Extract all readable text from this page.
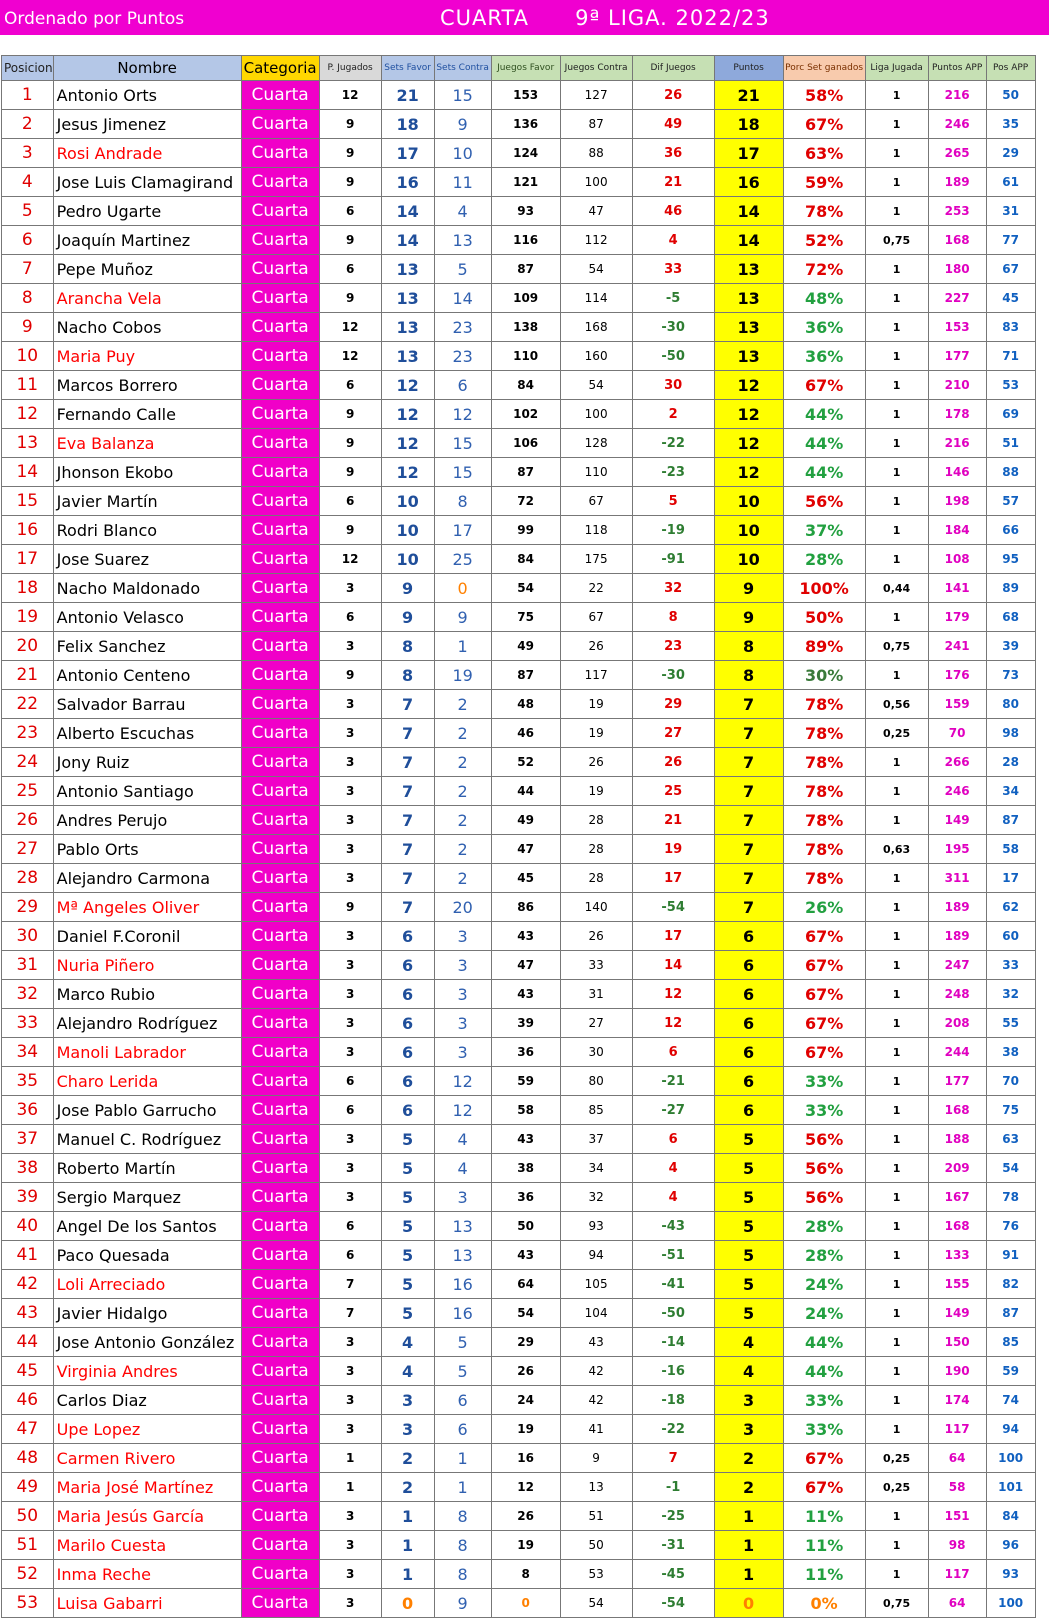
Ordenado por Puntos	CUARTA      9ª LIGA. 2022/23
Posicion	Nombre	Categoria	P. Jugados	Sets Favor	Sets Contra	Juegos Favor	Juegos Contra	Dif Juegos	Puntos	Porc Set ganados	Liga Jugada	Puntos APP	Pos APP
1	Antonio Orts	Cuarta	12	21	15	153	127	26	21	58%	1	216	50
2	Jesus Jimenez	Cuarta	9	18	9	136	87	49	18	67%	1	246	35
3	Rosi Andrade	Cuarta	9	17	10	124	88	36	17	63%	1	265	29
4	Jose Luis Clamagirand	Cuarta	9	16	11	121	100	21	16	59%	1	189	61
5	Pedro Ugarte	Cuarta	6	14	4	93	47	46	14	78%	1	253	31
6	Joaquín Martinez	Cuarta	9	14	13	116	112	4	14	52%	0,75	168	77
7	Pepe Muñoz	Cuarta	6	13	5	87	54	33	13	72%	1	180	67
8	Arancha Vela	Cuarta	9	13	14	109	114	-5	13	48%	1	227	45
9	Nacho Cobos	Cuarta	12	13	23	138	168	-30	13	36%	1	153	83
10	Maria Puy	Cuarta	12	13	23	110	160	-50	13	36%	1	177	71
11	Marcos Borrero	Cuarta	6	12	6	84	54	30	12	67%	1	210	53
12	Fernando Calle	Cuarta	9	12	12	102	100	2	12	44%	1	178	69
13	Eva Balanza	Cuarta	9	12	15	106	128	-22	12	44%	1	216	51
14	Jhonson Ekobo	Cuarta	9	12	15	87	110	-23	12	44%	1	146	88
15	Javier Martín	Cuarta	6	10	8	72	67	5	10	56%	1	198	57
16	Rodri Blanco	Cuarta	9	10	17	99	118	-19	10	37%	1	184	66
17	Jose Suarez	Cuarta	12	10	25	84	175	-91	10	28%	1	108	95
18	Nacho Maldonado	Cuarta	3	9	0	54	22	32	9	100%	0,44	141	89
19	Antonio Velasco	Cuarta	6	9	9	75	67	8	9	50%	1	179	68
20	Felix Sanchez	Cuarta	3	8	1	49	26	23	8	89%	0,75	241	39
21	Antonio Centeno	Cuarta	9	8	19	87	117	-30	8	30%	1	176	73
22	Salvador Barrau	Cuarta	3	7	2	48	19	29	7	78%	0,56	159	80
23	Alberto Escuchas	Cuarta	3	7	2	46	19	27	7	78%	0,25	70	98
24	Jony Ruiz	Cuarta	3	7	2	52	26	26	7	78%	1	266	28
25	Antonio Santiago	Cuarta	3	7	2	44	19	25	7	78%	1	246	34
26	Andres Perujo	Cuarta	3	7	2	49	28	21	7	78%	1	149	87
27	Pablo Orts	Cuarta	3	7	2	47	28	19	7	78%	0,63	195	58
28	Alejandro Carmona	Cuarta	3	7	2	45	28	17	7	78%	1	311	17
29	Mª Angeles Oliver	Cuarta	9	7	20	86	140	-54	7	26%	1	189	62
30	Daniel F.Coronil	Cuarta	3	6	3	43	26	17	6	67%	1	189	60
31	Nuria Piñero	Cuarta	3	6	3	47	33	14	6	67%	1	247	33
32	Marco Rubio	Cuarta	3	6	3	43	31	12	6	67%	1	248	32
33	Alejandro Rodríguez	Cuarta	3	6	3	39	27	12	6	67%	1	208	55
34	Manoli Labrador	Cuarta	3	6	3	36	30	6	6	67%	1	244	38
35	Charo Lerida	Cuarta	6	6	12	59	80	-21	6	33%	1	177	70
36	Jose Pablo Garrucho	Cuarta	6	6	12	58	85	-27	6	33%	1	168	75
37	Manuel C. Rodríguez	Cuarta	3	5	4	43	37	6	5	56%	1	188	63
38	Roberto Martín	Cuarta	3	5	4	38	34	4	5	56%	1	209	54
39	Sergio Marquez	Cuarta	3	5	3	36	32	4	5	56%	1	167	78
40	Angel De los Santos	Cuarta	6	5	13	50	93	-43	5	28%	1	168	76
41	Paco Quesada	Cuarta	6	5	13	43	94	-51	5	28%	1	133	91
42	Loli Arreciado	Cuarta	7	5	16	64	105	-41	5	24%	1	155	82
43	Javier Hidalgo	Cuarta	7	5	16	54	104	-50	5	24%	1	149	87
44	Jose Antonio González	Cuarta	3	4	5	29	43	-14	4	44%	1	150	85
45	Virginia Andres	Cuarta	3	4	5	26	42	-16	4	44%	1	190	59
46	Carlos Diaz	Cuarta	3	3	6	24	42	-18	3	33%	1	174	74
47	Upe Lopez	Cuarta	3	3	6	19	41	-22	3	33%	1	117	94
48	Carmen Rivero	Cuarta	1	2	1	16	9	7	2	67%	0,25	64	100
49	Maria José Martínez	Cuarta	1	2	1	12	13	-1	2	67%	0,25	58	101
50	Maria Jesús García	Cuarta	3	1	8	26	51	-25	1	11%	1	151	84
51	Marilo Cuesta	Cuarta	3	1	8	19	50	-31	1	11%	1	98	96
52	Inma Reche	Cuarta	3	1	8	8	53	-45	1	11%	1	117	93
53	Luisa Gabarri	Cuarta	3	0	9	0	54	-54	0	0%	0,75	64	100
